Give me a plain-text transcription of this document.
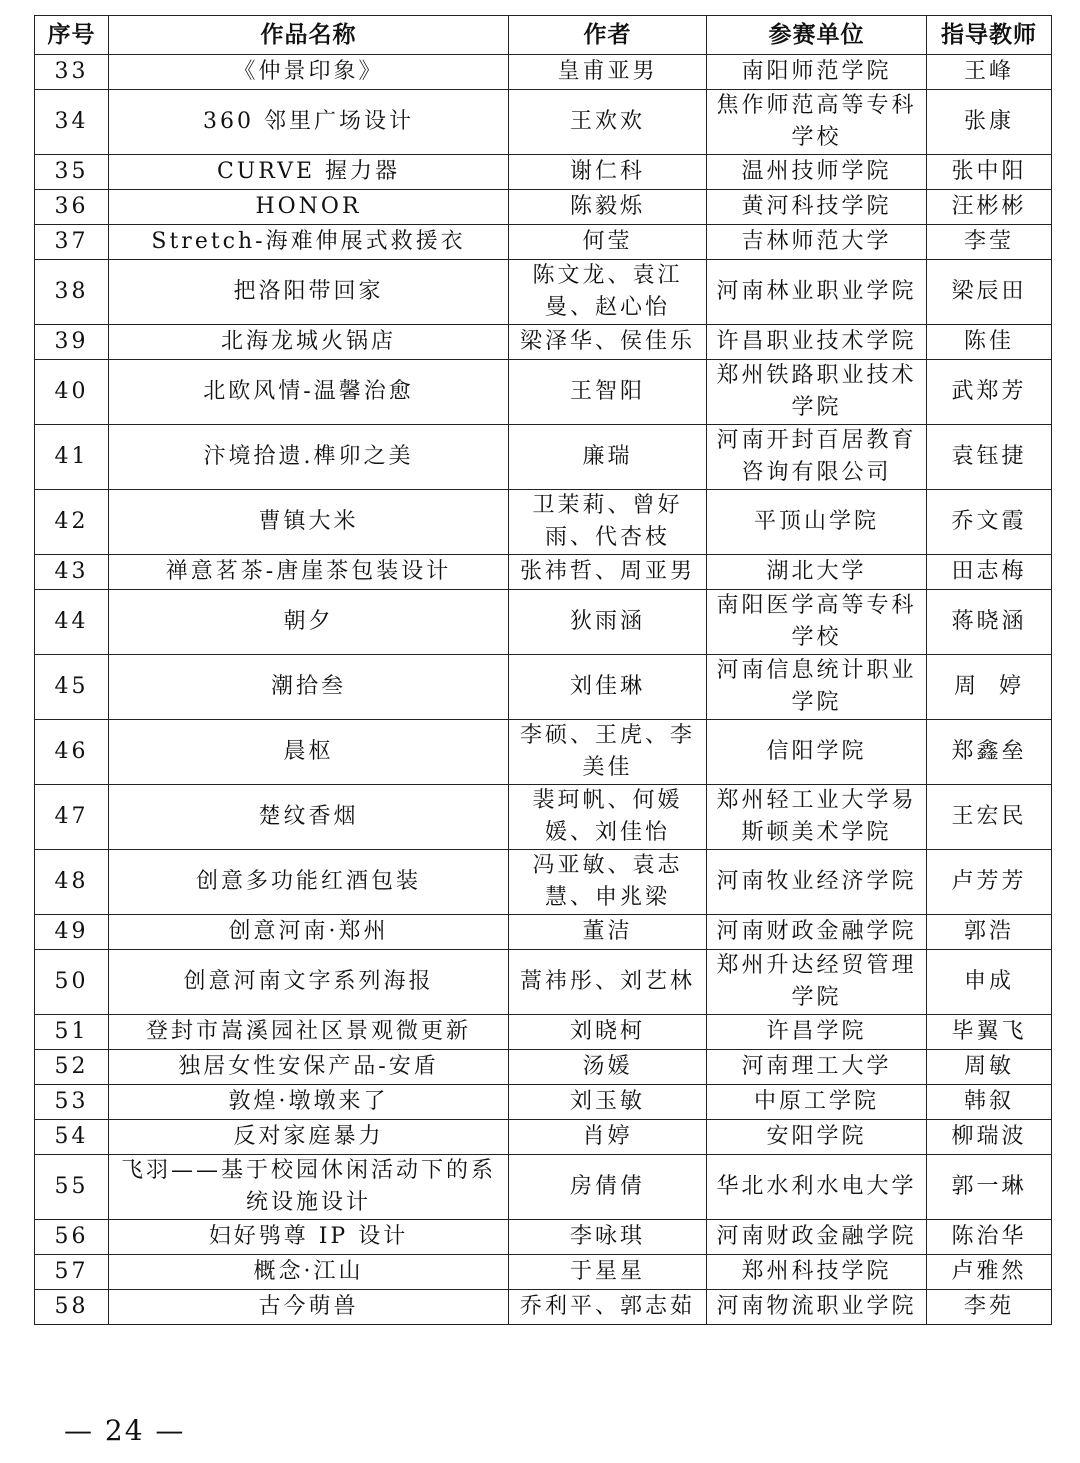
序号	作品名称	作者	参赛单位	指导教师
33	《仲景印象》	皇甫亚男	南阳师范学院	王峰
34	360 邻里广场设计	王欢欢	焦作师范高等专科学校	张康
35	CURVE 握力器	谢仁科	温州技师学院	张中阳
36	HONOR	陈毅烁	黄河科技学院	汪彬彬
37	Stretch-海难伸展式救援衣	何莹	吉林师范大学	李莹
38	把洛阳带回家	陈文龙、袁江曼、赵心怡	河南林业职业学院	梁辰田
39	北海龙城火锅店	梁泽华、侯佳乐	许昌职业技术学院	陈佳
40	北欧风情-温馨治愈	王智阳	郑州铁路职业技术学院	武郑芳
41	汴境拾遗.榫卯之美	廉瑞	河南开封百居教育咨询有限公司	袁钰捷
42	曹镇大米	卫茉莉、曾好雨、代杏枝	平顶山学院	乔文霞
43	禅意茗茶-唐崖茶包装设计	张祎哲、周亚男	湖北大学	田志梅
44	朝夕	狄雨涵	南阳医学高等专科学校	蒋晓涵
45	潮拾叁	刘佳琳	河南信息统计职业学院	周  婷
46	晨枢	李硕、王虎、李美佳	信阳学院	郑鑫垒
47	楚纹香烟	裴珂帆、何媛媛、刘佳怡	郑州轻工业大学易斯顿美术学院	王宏民
48	创意多功能红酒包装	冯亚敏、袁志慧、申兆梁	河南牧业经济学院	卢芳芳
49	创意河南·郑州	董洁	河南财政金融学院	郭浩
50	创意河南文字系列海报	蒿祎彤、刘艺林	郑州升达经贸管理学院	申成
51	登封市嵩溪园社区景观微更新	刘晓柯	许昌学院	毕翼飞
52	独居女性安保产品-安盾	汤媛	河南理工大学	周敏
53	敦煌·墩墩来了	刘玉敏	中原工学院	韩叙
54	反对家庭暴力	肖婷	安阳学院	柳瑞波
55	飞羽——基于校园休闲活动下的系统设施设计	房倩倩	华北水利水电大学	郭一琳
56	妇好鸮尊 IP 设计	李咏琪	河南财政金融学院	陈治华
57	概念·江山	于星星	郑州科技学院	卢雅然
58	古今萌兽	乔利平、郭志茹	河南物流职业学院	李苑
— 24 —
